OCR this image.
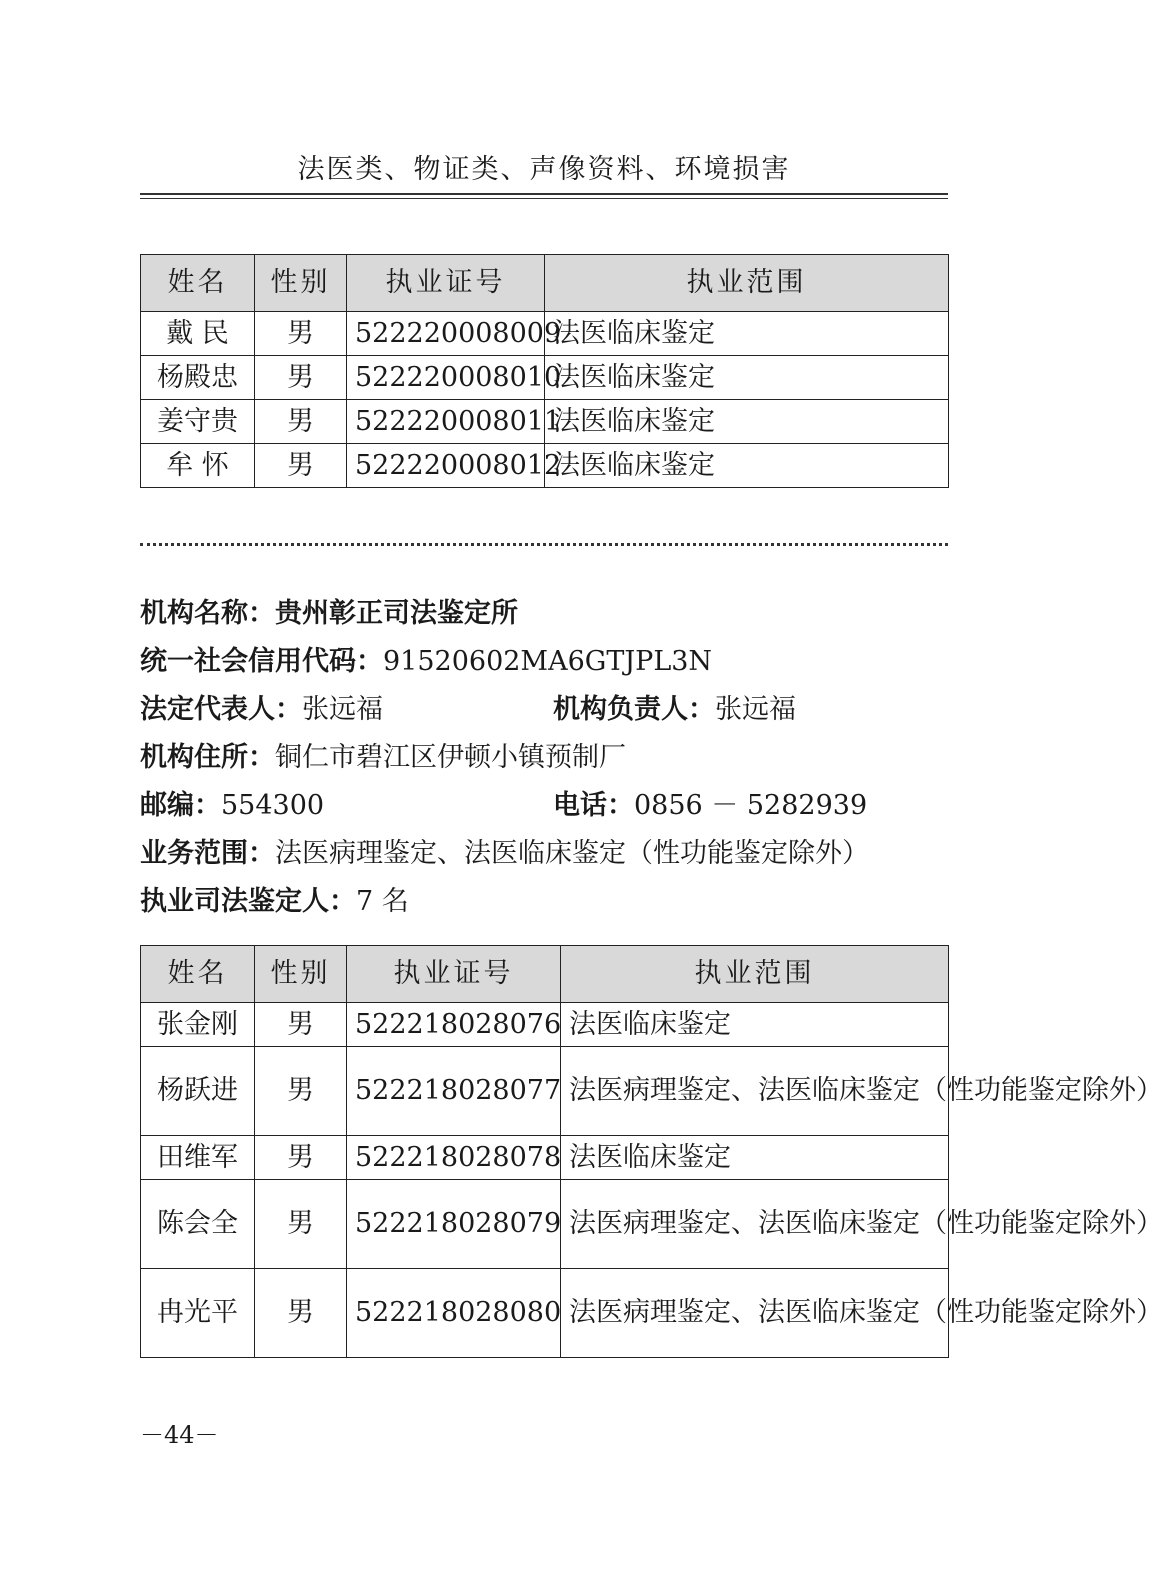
法医类、物证类、声像资料、环境损害
姓名	性别	执业证号	执业范围
戴 民	男	522220008009	法医临床鉴定
杨殿忠	男	522220008010	法医临床鉴定
姜守贵	男	522220008011	法医临床鉴定
牟 怀	男	522220008012	法医临床鉴定
机构名称：贵州彰正司法鉴定所
统一社会信用代码：91520602MA6GTJPL3N
法定代表人：张远福	机构负责人：张远福
机构住所：铜仁市碧江区伊顿小镇预制厂
邮编：554300	电话：0856 － 5282939
业务范围：法医病理鉴定、法医临床鉴定（性功能鉴定除外）
执业司法鉴定人：7 名
姓名	性别	执业证号	执业范围
张金刚	男	522218028076	法医临床鉴定
杨跃进	男	522218028077	法医病理鉴定、法医临床鉴定（性功能鉴定除外）
田维军	男	522218028078	法医临床鉴定
陈会全	男	522218028079	法医病理鉴定、法医临床鉴定（性功能鉴定除外）
冉光平	男	522218028080	法医病理鉴定、法医临床鉴定（性功能鉴定除外）
－44－
